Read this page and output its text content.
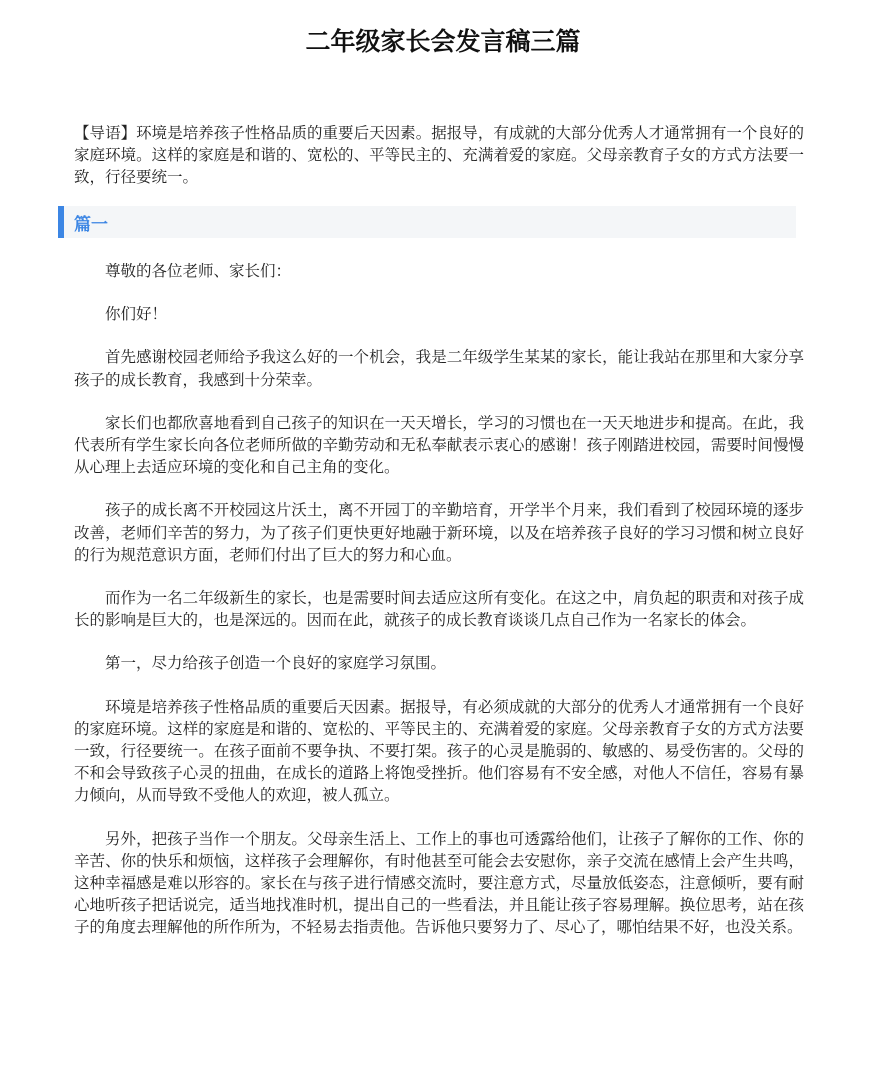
二年级家长会发言稿三篇

【导语】环境是培养孩子性格品质的重要后天因素。据报导，有成就的大部分优秀人才通常拥有一个良好的家庭环境。这样的家庭是和谐的、宽松的、平等民主的、充满着爱的家庭。父母亲教育子女的方式方法要一致，行径要统一。

篇一

尊敬的各位老师、家长们：

你们好！

首先感谢校园老师给予我这么好的一个机会，我是二年级学生某某的家长，能让我站在那里和大家分享孩子的成长教育，我感到十分荣幸。

家长们也都欣喜地看到自己孩子的知识在一天天增长，学习的习惯也在一天天地进步和提高。在此，我代表所有学生家长向各位老师所做的辛勤劳动和无私奉献表示衷心的感谢！孩子刚踏进校园，需要时间慢慢从心理上去适应环境的变化和自己主角的变化。

孩子的成长离不开校园这片沃土，离不开园丁的辛勤培育，开学半个月来，我们看到了校园环境的逐步改善，老师们辛苦的努力，为了孩子们更快更好地融于新环境，以及在培养孩子良好的学习习惯和树立良好的行为规范意识方面，老师们付出了巨大的努力和心血。

而作为一名二年级新生的家长，也是需要时间去适应这所有变化。在这之中，肩负起的职责和对孩子成长的影响是巨大的，也是深远的。因而在此，就孩子的成长教育谈谈几点自己作为一名家长的体会。

第一，尽力给孩子创造一个良好的家庭学习氛围。

环境是培养孩子性格品质的重要后天因素。据报导，有必须成就的大部分的优秀人才通常拥有一个良好的家庭环境。这样的家庭是和谐的、宽松的、平等民主的、充满着爱的家庭。父母亲教育子女的方式方法要一致，行径要统一。在孩子面前不要争执、不要打架。孩子的心灵是脆弱的、敏感的、易受伤害的。父母的不和会导致孩子心灵的扭曲，在成长的道路上将饱受挫折。他们容易有不安全感，对他人不信任，容易有暴力倾向，从而导致不受他人的欢迎，被人孤立。

另外，把孩子当作一个朋友。父母亲生活上、工作上的事也可透露给他们，让孩子了解你的工作、你的辛苦、你的快乐和烦恼，这样孩子会理解你，有时他甚至可能会去安慰你，亲子交流在感情上会产生共鸣，这种幸福感是难以形容的。家长在与孩子进行情感交流时，要注意方式，尽量放低姿态，注意倾听，要有耐心地听孩子把话说完，适当地找准时机，提出自己的一些看法，并且能让孩子容易理解。换位思考，站在孩子的角度去理解他的所作所为，不轻易去指责他。告诉他只要努力了、尽心了，哪怕结果不好，也没关系。
